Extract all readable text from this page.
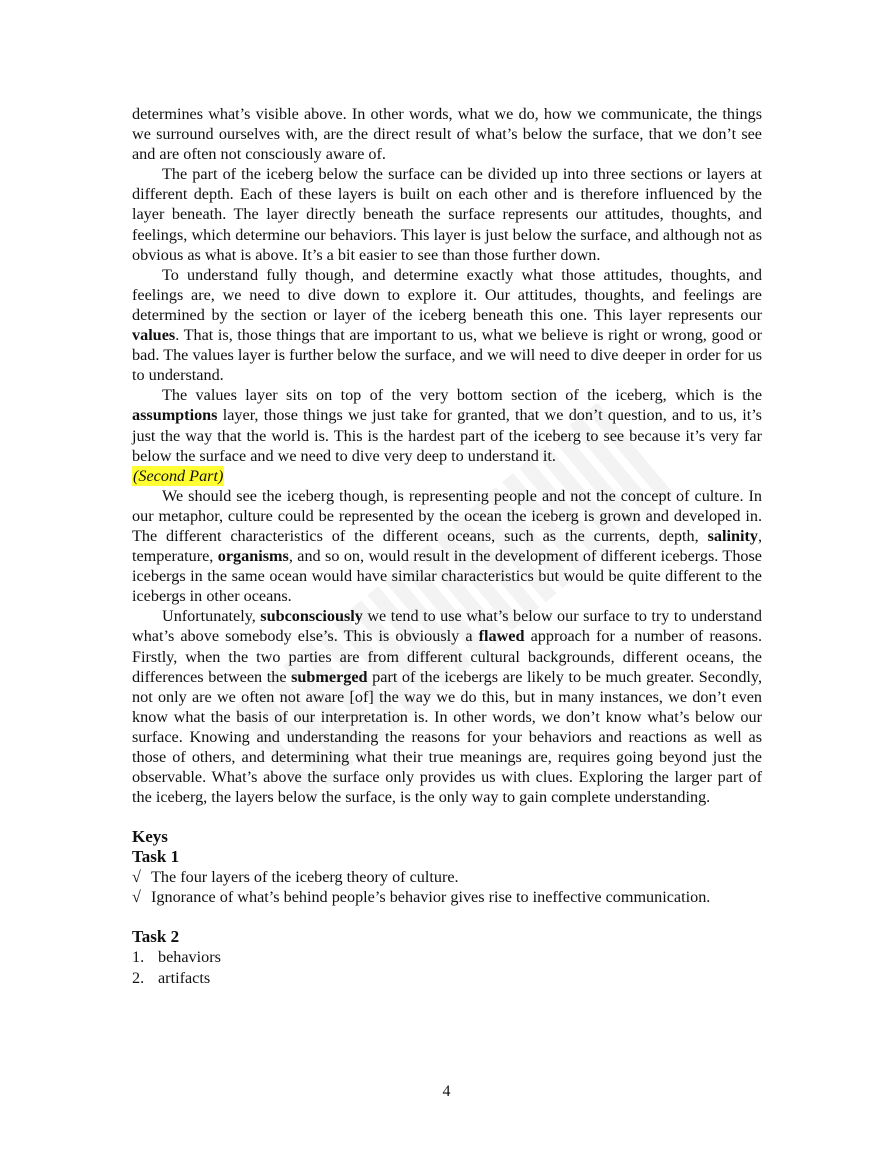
determines what’s visible above. In other words, what we do, how we communicate, the things we surround ourselves with, are the direct result of what’s below the surface, that we don’t see and are often not consciously aware of.

The part of the iceberg below the surface can be divided up into three sections or layers at different depth. Each of these layers is built on each other and is therefore influenced by the layer beneath. The layer directly beneath the surface represents our attitudes, thoughts, and feelings, which determine our behaviors. This layer is just below the surface, and although not as obvious as what is above. It’s a bit easier to see than those further down.

To understand fully though, and determine exactly what those attitudes, thoughts, and feelings are, we need to dive down to explore it. Our attitudes, thoughts, and feelings are determined by the section or layer of the iceberg beneath this one. This layer represents our values. That is, those things that are important to us, what we believe is right or wrong, good or bad. The values layer is further below the surface, and we will need to dive deeper in order for us to understand.

The values layer sits on top of the very bottom section of the iceberg, which is the assumptions layer, those things we just take for granted, that we don’t question, and to us, it’s just the way that the world is. This is the hardest part of the iceberg to see because it’s very far below the surface and we need to dive very deep to understand it.

(Second Part)

We should see the iceberg though, is representing people and not the concept of culture. In our metaphor, culture could be represented by the ocean the iceberg is grown and developed in. The different characteristics of the different oceans, such as the currents, depth, salinity, temperature, organisms, and so on, would result in the development of different icebergs. Those icebergs in the same ocean would have similar characteristics but would be quite different to the icebergs in other oceans.

Unfortunately, subconsciously we tend to use what’s below our surface to try to understand what’s above somebody else’s. This is obviously a flawed approach for a number of reasons. Firstly, when the two parties are from different cultural backgrounds, different oceans, the differences between the submerged part of the icebergs are likely to be much greater. Secondly, not only are we often not aware [of] the way we do this, but in many instances, we don’t even know what the basis of our interpretation is. In other words, we don’t know what’s below our surface. Knowing and understanding the reasons for your behaviors and reactions as well as those of others, and determining what their true meanings are, requires going beyond just the observable. What’s above the surface only provides us with clues. Exploring the larger part of the iceberg, the layers below the surface, is the only way to gain complete understanding.

Keys
Task 1
√ The four layers of the iceberg theory of culture.
√ Ignorance of what’s behind people’s behavior gives rise to ineffective communication.
Task 2
1. behaviors
2. artifacts
4
